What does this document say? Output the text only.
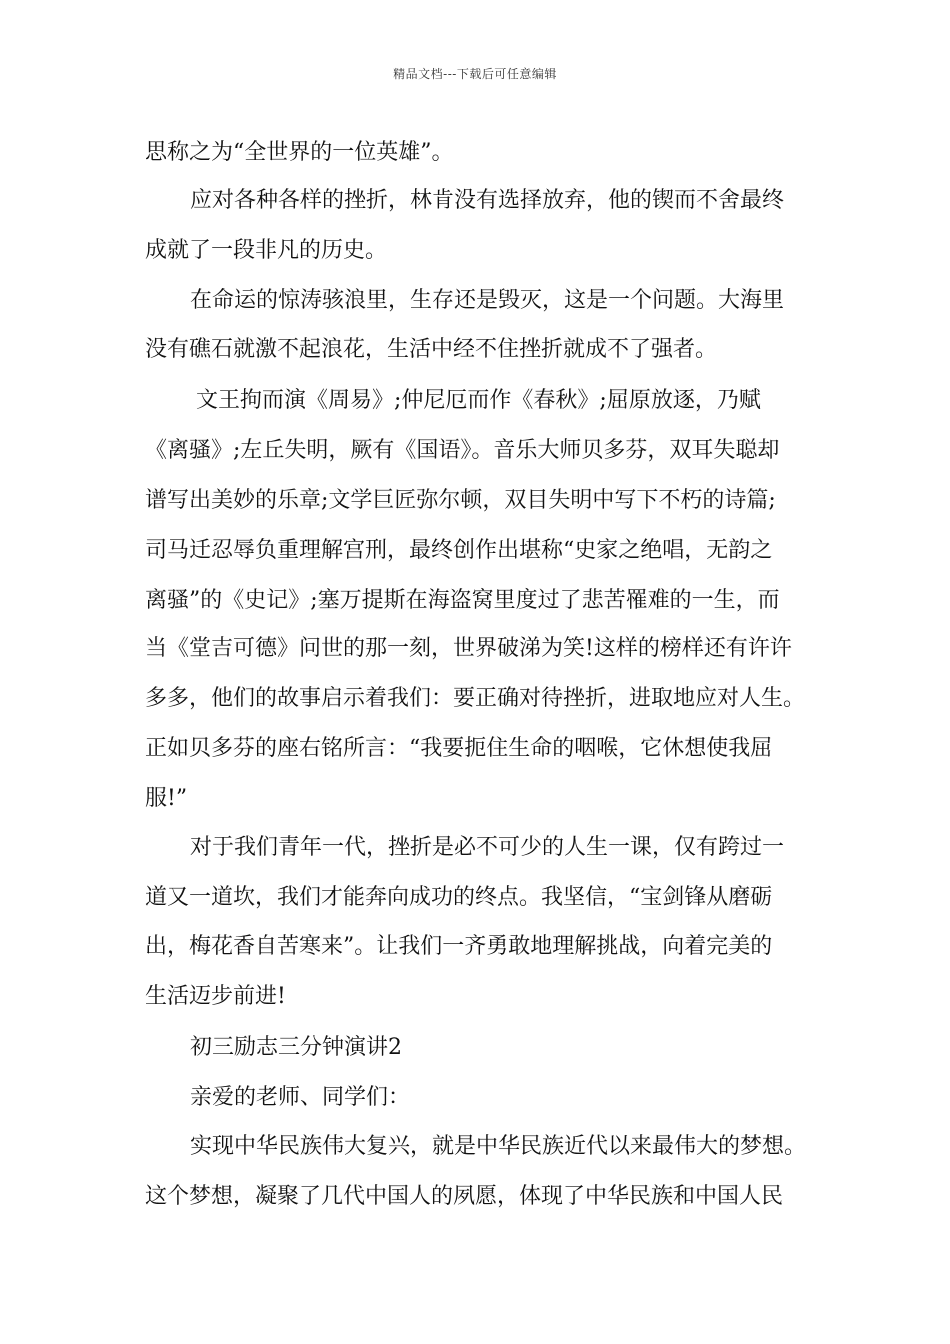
精品文档---下载后可任意编辑
思称之为“全世界的一位英雄”。
应对各种各样的挫折，林肯没有选择放弃，他的锲而不舍最终
成就了一段非凡的历史。
在命运的惊涛骇浪里，生存还是毁灭，这是一个问题。大海里
没有礁石就激不起浪花，生活中经不住挫折就成不了强者。
文王拘而演《周易》;仲尼厄而作《春秋》;屈原放逐，乃赋
《离骚》;左丘失明，厥有《国语》。音乐大师贝多芬，双耳失聪却
谱写出美妙的乐章;文学巨匠弥尔顿，双目失明中写下不朽的诗篇;
司马迁忍辱负重理解宫刑，最终创作出堪称“史家之绝唱，无韵之
离骚”的《史记》;塞万提斯在海盗窝里度过了悲苦罹难的一生，而
当《堂吉可德》问世的那一刻，世界破涕为笑!这样的榜样还有许许
多多，他们的故事启示着我们：要正确对待挫折，进取地应对人生。
正如贝多芬的座右铭所言：“我要扼住生命的咽喉，它休想使我屈
服!”
对于我们青年一代，挫折是必不可少的人生一课，仅有跨过一
道又一道坎，我们才能奔向成功的终点。我坚信，“宝剑锋从磨砺
出，梅花香自苦寒来”。让我们一齐勇敢地理解挑战，向着完美的
生活迈步前进!
初三励志三分钟演讲2
亲爱的老师、同学们：
实现中华民族伟大复兴，就是中华民族近代以来最伟大的梦想。
这个梦想，凝聚了几代中国人的夙愿，体现了中华民族和中国人民
